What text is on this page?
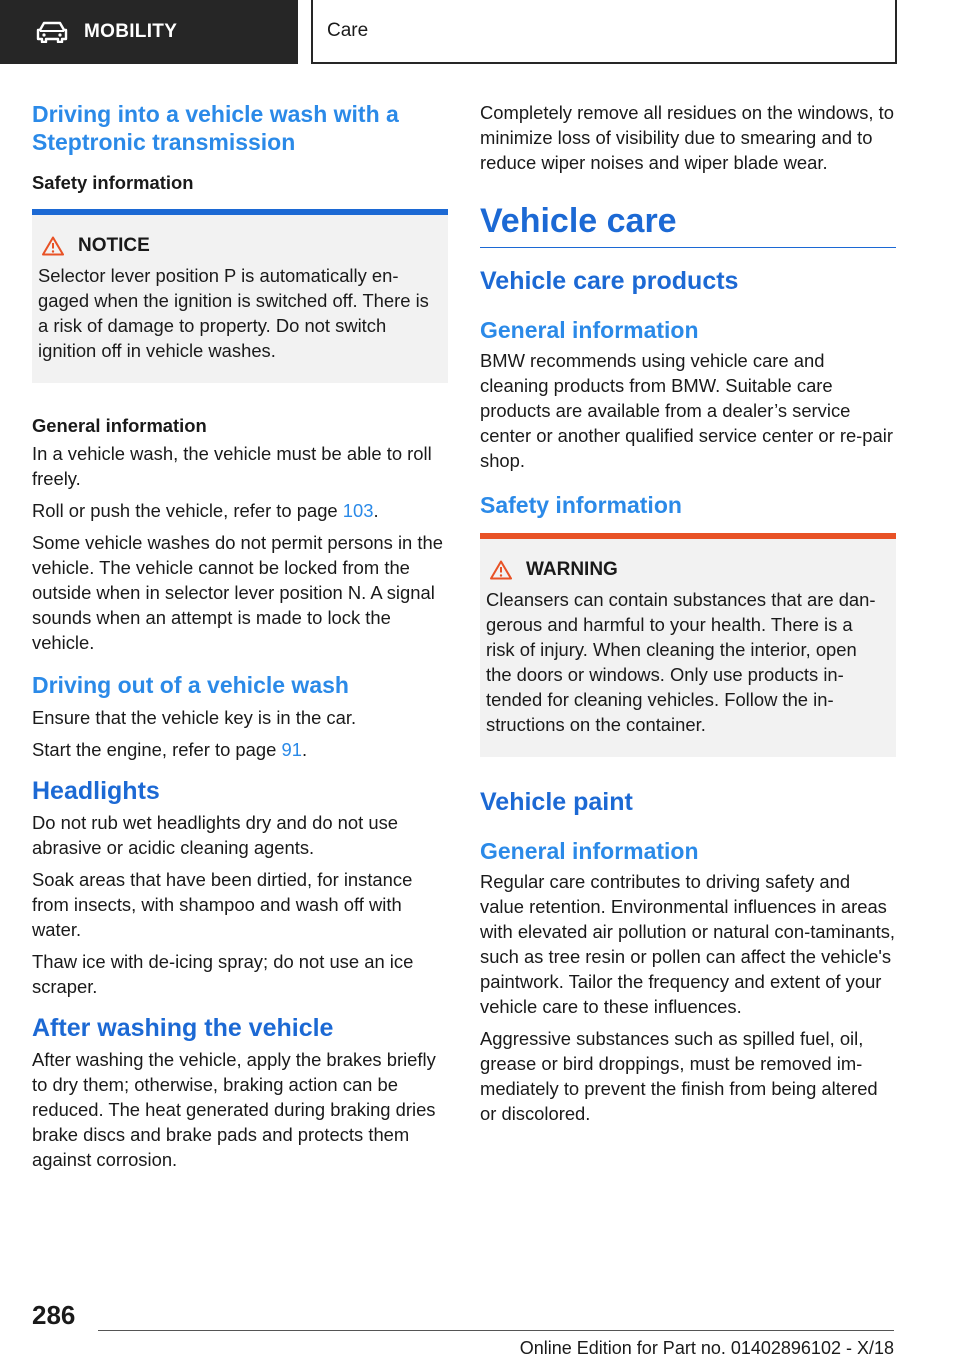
MOBILITY	Care
Driving into a vehicle wash with a Steptronic transmission
Safety information
NOTICE

Selector lever position P is automatically en-gaged when the ignition is switched off. There is a risk of damage to property. Do not switch ignition off in vehicle washes.

General information

In a vehicle wash, the vehicle must be able to roll freely.

Roll or push the vehicle, refer to page 103.

Some vehicle washes do not permit persons in the vehicle. The vehicle cannot be locked from the outside when in selector lever position N. A signal sounds when an attempt is made to lock the vehicle.

Driving out of a vehicle wash

Ensure that the vehicle key is in the car.

Start the engine, refer to page 91.

Headlights

Do not rub wet headlights dry and do not use abrasive or acidic cleaning agents.

Soak areas that have been dirtied, for instance from insects, with shampoo and wash off with water.

Thaw ice with de-icing spray; do not use an ice scraper.

After washing the vehicle

After washing the vehicle, apply the brakes briefly to dry them; otherwise, braking action can be reduced. The heat generated during braking dries brake discs and brake pads and protects them against corrosion.

Completely remove all residues on the windows, to minimize loss of visibility due to smearing and to reduce wiper noises and wiper blade wear.

Vehicle care
Vehicle care products
General information

BMW recommends using vehicle care and cleaning products from BMW. Suitable care products are available from a dealer’s service center or another qualified service center or re-pair shop.

Safety information
WARNING

Cleansers can contain substances that are dan-gerous and harmful to your health. There is a risk of injury. When cleaning the interior, open the doors or windows. Only use products in-tended for cleaning vehicles. Follow the in-structions on the container.

Vehicle paint
General information

Regular care contributes to driving safety and value retention. Environmental influences in areas with elevated air pollution or natural con-taminants, such as tree resin or pollen can affect the vehicle's paintwork. Tailor the frequency and extent of your vehicle care to these influences.

Aggressive substances such as spilled fuel, oil, grease or bird droppings, must be removed im-mediately to prevent the finish from being altered or discolored.

286
Online Edition for Part no. 01402896102 - X/18
